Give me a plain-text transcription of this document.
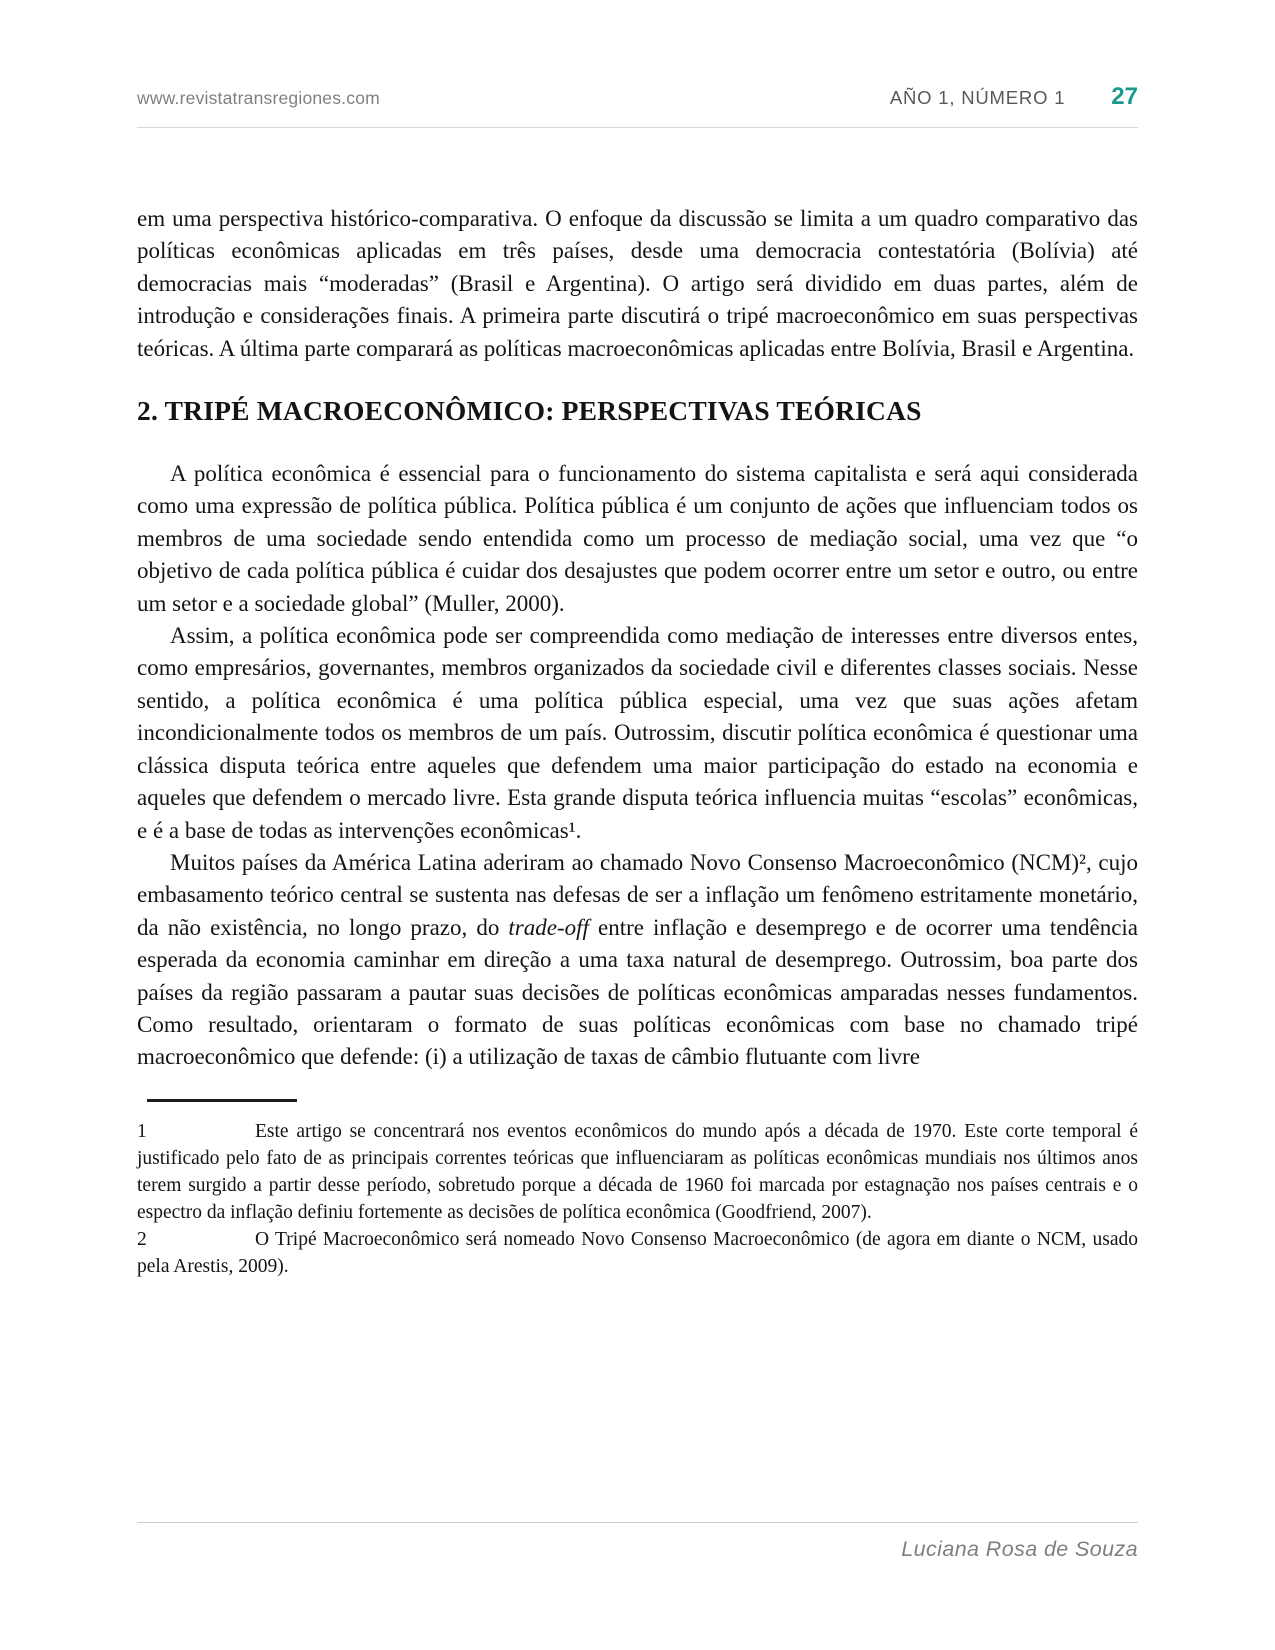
www.revistatransregiones.com	AÑO 1, NÚMERO 1 27

em uma perspectiva histórico-comparativa. O enfoque da discussão se limita a um quadro comparativo das políticas econômicas aplicadas em três países, desde uma democracia contestatória (Bolívia) até democracias mais “moderadas” (Brasil e Argentina). O artigo será dividido em duas partes, além de introdução e considerações finais. A primeira parte discutirá o tripé macroeconômico em suas perspectivas teóricas. A última parte comparará as políticas macroeconômicas aplicadas entre Bolívia, Brasil e Argentina.

2. TRIPÉ MACROECONÔMICO: PERSPECTIVAS TEÓRICAS

A política econômica é essencial para o funcionamento do sistema capitalista e será aqui considerada como uma expressão de política pública. Política pública é um conjunto de ações que influenciam todos os membros de uma sociedade sendo entendida como um processo de mediação social, uma vez que “o objetivo de cada política pública é cuidar dos desajustes que podem ocorrer entre um setor e outro, ou entre um setor e a sociedade global” (Muller, 2000).

Assim, a política econômica pode ser compreendida como mediação de interesses entre diversos entes, como empresários, governantes, membros organizados da sociedade civil e diferentes classes sociais. Nesse sentido, a política econômica é uma política pública especial, uma vez que suas ações afetam incondicionalmente todos os membros de um país. Outrossim, discutir política econômica é questionar uma clássica disputa teórica entre aqueles que defendem uma maior participação do estado na economia e aqueles que defendem o mercado livre. Esta grande disputa teórica influencia muitas “escolas” econômicas, e é a base de todas as intervenções econômicas¹.

Muitos países da América Latina aderiram ao chamado Novo Consenso Macroeconômico (NCM)², cujo embasamento teórico central se sustenta nas defesas de ser a inflação um fenômeno estritamente monetário, da não existência, no longo prazo, do trade-off entre inflação e desemprego e de ocorrer uma tendência esperada da economia caminhar em direção a uma taxa natural de desemprego. Outrossim, boa parte dos países da região passaram a pautar suas decisões de políticas econômicas amparadas nesses fundamentos. Como resultado, orientaram o formato de suas políticas econômicas com base no chamado tripé macroeconômico que defende: (i) a utilização de taxas de câmbio flutuante com livre

1	Este artigo se concentrará nos eventos econômicos do mundo após a década de 1970. Este corte temporal é justificado pelo fato de as principais correntes teóricas que influenciaram as políticas econômicas mundiais nos últimos anos terem surgido a partir desse período, sobretudo porque a década de 1960 foi marcada por estagnação nos países centrais e o espectro da inflação definiu fortemente as decisões de política econômica (Goodfriend, 2007).

2	O Tripé Macroeconômico será nomeado Novo Consenso Macroeconômico (de agora em diante o NCM, usado pela Arestis, 2009).

Luciana Rosa de Souza
